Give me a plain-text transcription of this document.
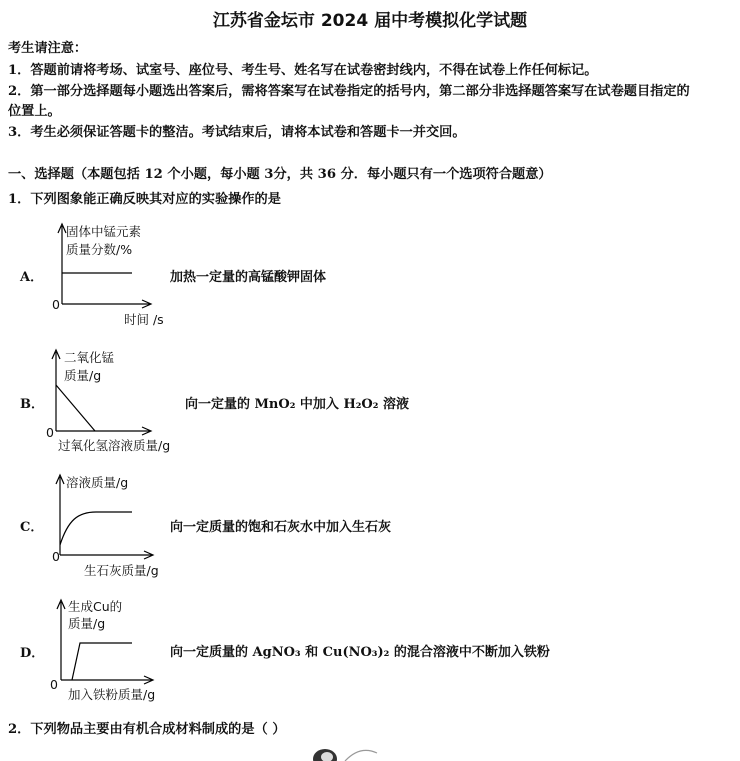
江苏省金坛市 2024 届中考模拟化学试题
考生请注意：
1．答题前请将考场、试室号、座位号、考生号、姓名写在试卷密封线内，不得在试卷上作任何标记。
2．第一部分选择题每小题选出答案后，需将答案写在试卷指定的括号内，第二部分非选择题答案写在试卷题目指定的
位置上。
3．考生必须保证答题卡的整洁。考试结束后，请将本试卷和答题卡一并交回。
一、选择题（本题包括 12 个小题，每小题 3分，共 36 分．每小题只有一个选项符合题意）
1．下列图象能正确反映其对应的实验操作的是
A．
固体中锰元素
质量分数/%
0
时间 /s
加热一定量的高锰酸钾固体
B．
二氧化锰
质量/g
0
过氧化氢溶液质量/g
向一定量的 MnO₂ 中加入 H₂O₂ 溶液
C．
溶液质量/g
0
生石灰质量/g
向一定质量的饱和石灰水中加入生石灰
D．
生成Cu的
质量/g
0
加入铁粉质量/g
向一定质量的 AgNO₃ 和 Cu(NO₃)₂ 的混合溶液中不断加入铁粉
2．下列物品主要由有机合成材料制成的是（ ）
